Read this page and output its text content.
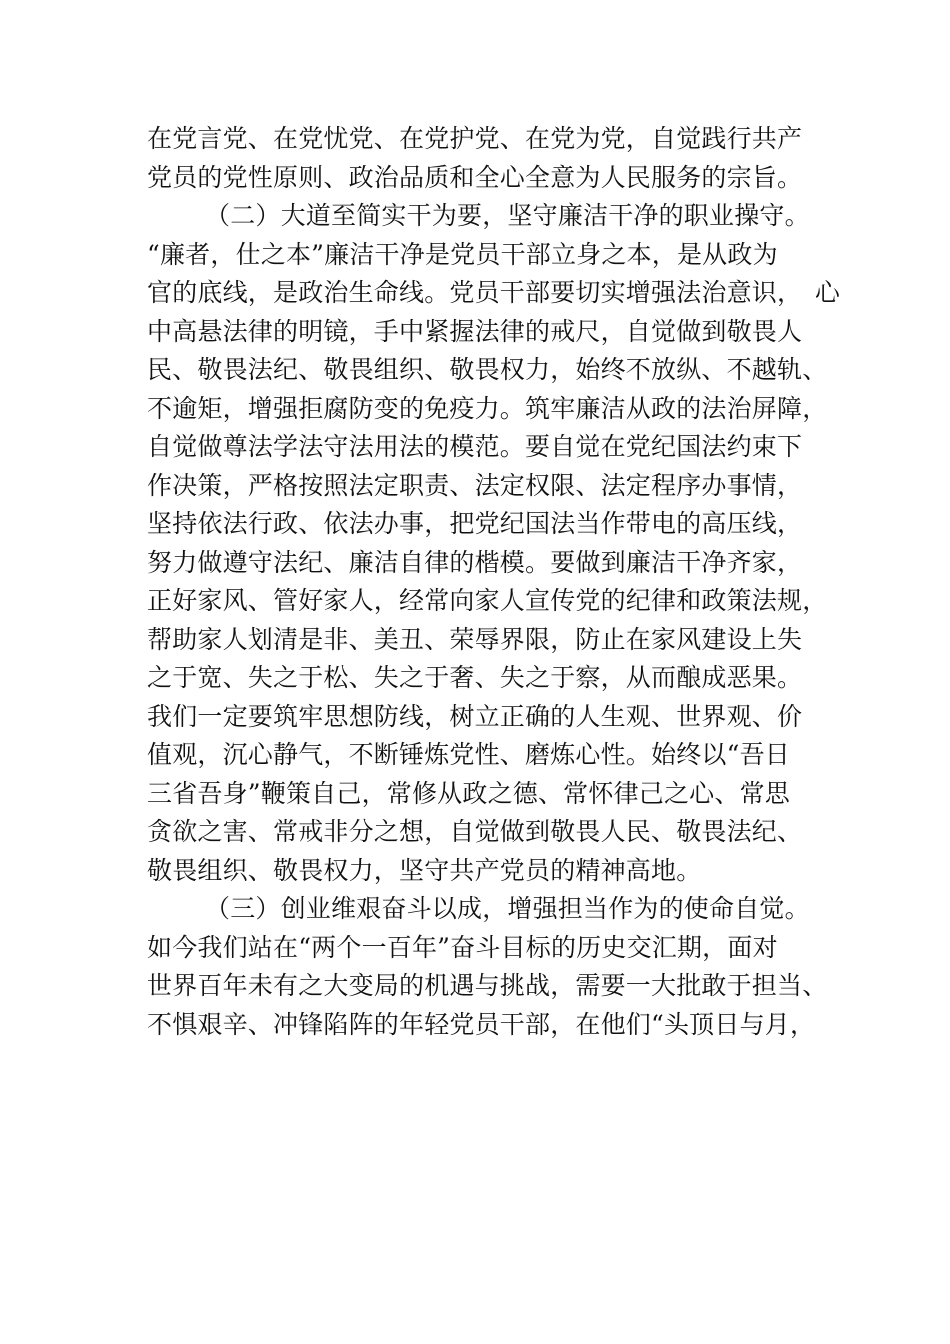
在党言党、在党忧党、在党护党、在党为党，自觉践行共产
党员的党性原则、政治品质和全心全意为人民服务的宗旨。
（二）大道至简实干为要，坚守廉洁干净的职业操守。
“廉者，仕之本”廉洁干净是党员干部立身之本，是从政为
官的底线，是政治生命线。党员干部要切实增强法治意识，　心
中高悬法律的明镜，手中紧握法律的戒尺，自觉做到敬畏人
民、敬畏法纪、敬畏组织、敬畏权力，始终不放纵、不越轨、
不逾矩，增强拒腐防变的免疫力。筑牢廉洁从政的法治屏障，
自觉做尊法学法守法用法的模范。要自觉在党纪国法约束下
作决策，严格按照法定职责、法定权限、法定程序办事情，
坚持依法行政、依法办事，把党纪国法当作带电的高压线，
努力做遵守法纪、廉洁自律的楷模。要做到廉洁干净齐家，
正好家风、管好家人，经常向家人宣传党的纪律和政策法规，
帮助家人划清是非、美丑、荣辱界限，防止在家风建设上失
之于宽、失之于松、失之于奢、失之于察，从而酿成恶果。
我们一定要筑牢思想防线，树立正确的人生观、世界观、价
值观，沉心静气，不断锤炼党性、磨炼心性。始终以“吾日
三省吾身”鞭策自己，常修从政之德、常怀律己之心、常思
贪欲之害、常戒非分之想，自觉做到敬畏人民、敬畏法纪、
敬畏组织、敬畏权力，坚守共产党员的精神高地。
（三）创业维艰奋斗以成，增强担当作为的使命自觉。
如今我们站在“两个一百年”奋斗目标的历史交汇期，面对
世界百年未有之大变局的机遇与挑战，需要一大批敢于担当、
不惧艰辛、冲锋陷阵的年轻党员干部，在他们“头顶日与月，
